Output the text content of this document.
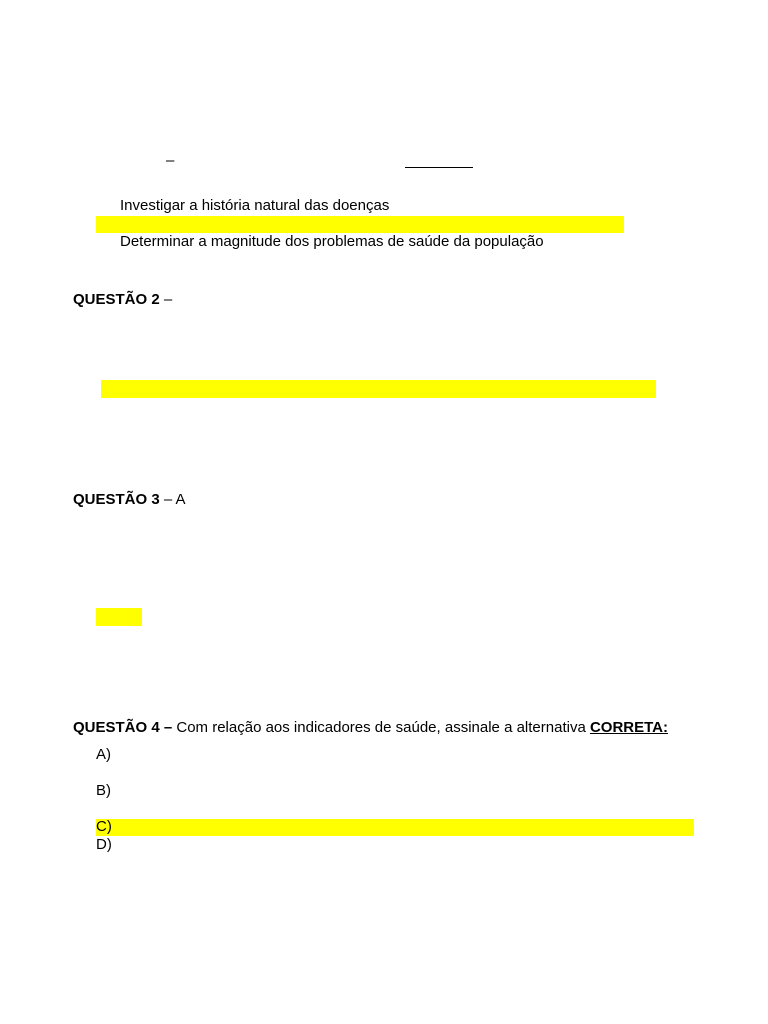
–
Investigar a história natural das doenças
Determinar a magnitude dos problemas de saúde da população
QUESTÃO 2 –
QUESTÃO 3 – A
QUESTÃO 4 – Com relação aos indicadores de saúde, assinale a alternativa CORRETA:
A)
B)
C)
D)
